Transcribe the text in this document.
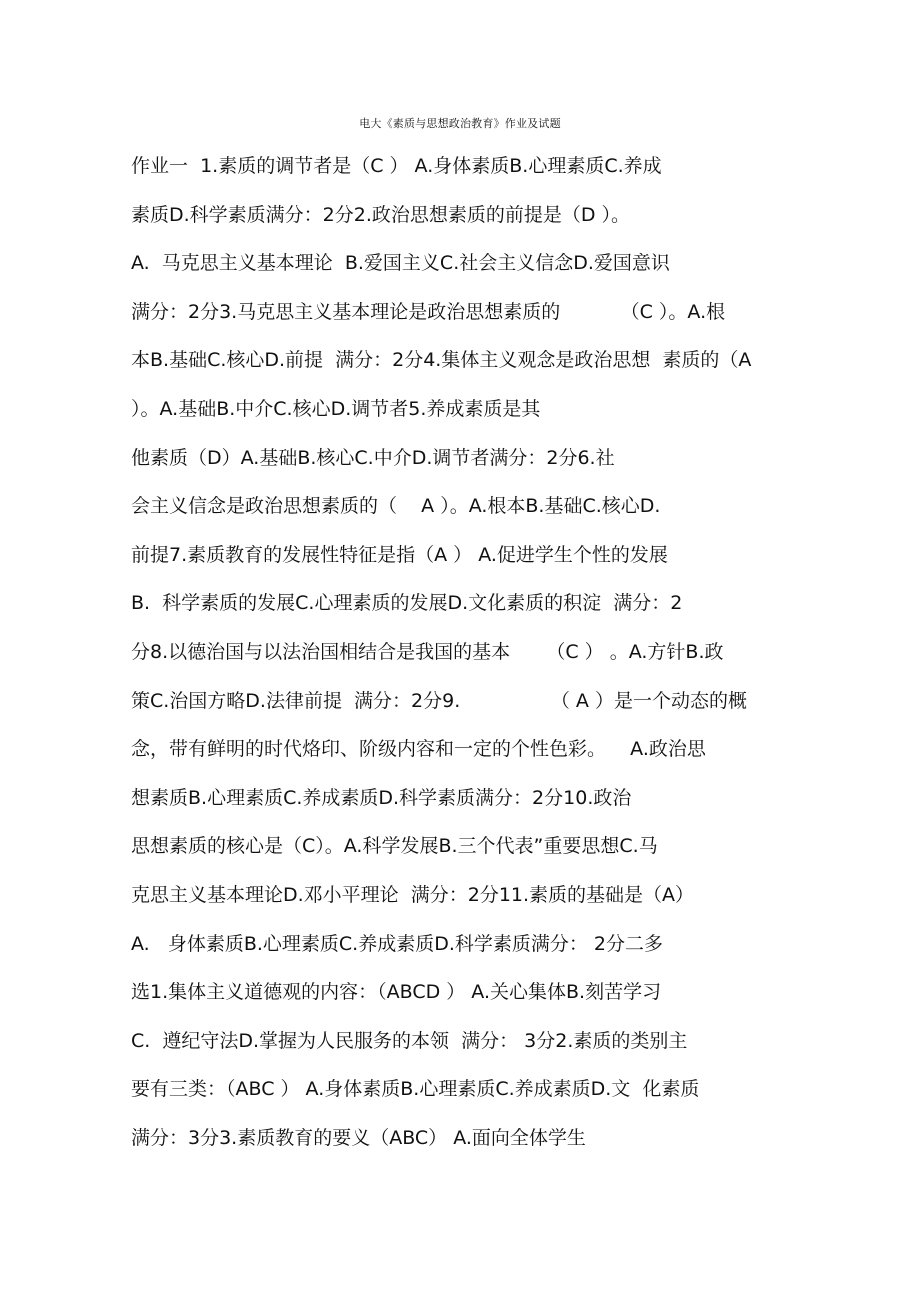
电大《素质与思想政治教育》作业及试题
作业一  1.素质的调节者是（C ） A.身体素质B.心理素质C.养成
素质D.科学素质满分：2分2.政治思想素质的前提是（D ）。
A.  马克思主义基本理论  B.爱国主义C.社会主义信念D.爱国意识
满分：2分3.马克思主义基本理论是政治思想素质的          （C ）。A.根
本B.基础C.核心D.前提  满分：2分4.集体主义观念是政治思想  素质的（A
）。A.基础B.中介C.核心D.调节者5.养成素质是其
他素质（D）A.基础B.核心C.中介D.调节者满分：2分6.社
会主义信念是政治思想素质的（    A ）。A.根本B.基础C.核心D.
前提7.素质教育的发展性特征是指（A ） A.促进学生个性的发展
B.  科学素质的发展C.心理素质的发展D.文化素质的积淀  满分：2
分8.以德治国与以法治国相结合是我国的基本      （C ） 。A.方针B.政
策C.治国方略D.法律前提  满分：2分9.               （ A ）是一个动态的概
念，带有鲜明的时代烙印、阶级内容和一定的个性色彩。    A.政治思
想素质B.心理素质C.养成素质D.科学素质满分：2分10.政治
思想素质的核心是（C）。A.科学发展B.三个代表”重要思想C.马
克思主义基本理论D.邓小平理论  满分：2分11.素质的基础是（A）
A.   身体素质B.心理素质C.养成素质D.科学素质满分： 2分二多
选1.集体主义道德观的内容：（ABCD ） A.关心集体B.刻苦学习
C.  遵纪守法D.掌握为人民服务的本领  满分： 3分2.素质的类别主
要有三类：（ABC ） A.身体素质B.心理素质C.养成素质D.文  化素质
满分：3分3.素质教育的要义（ABC） A.面向全体学生
